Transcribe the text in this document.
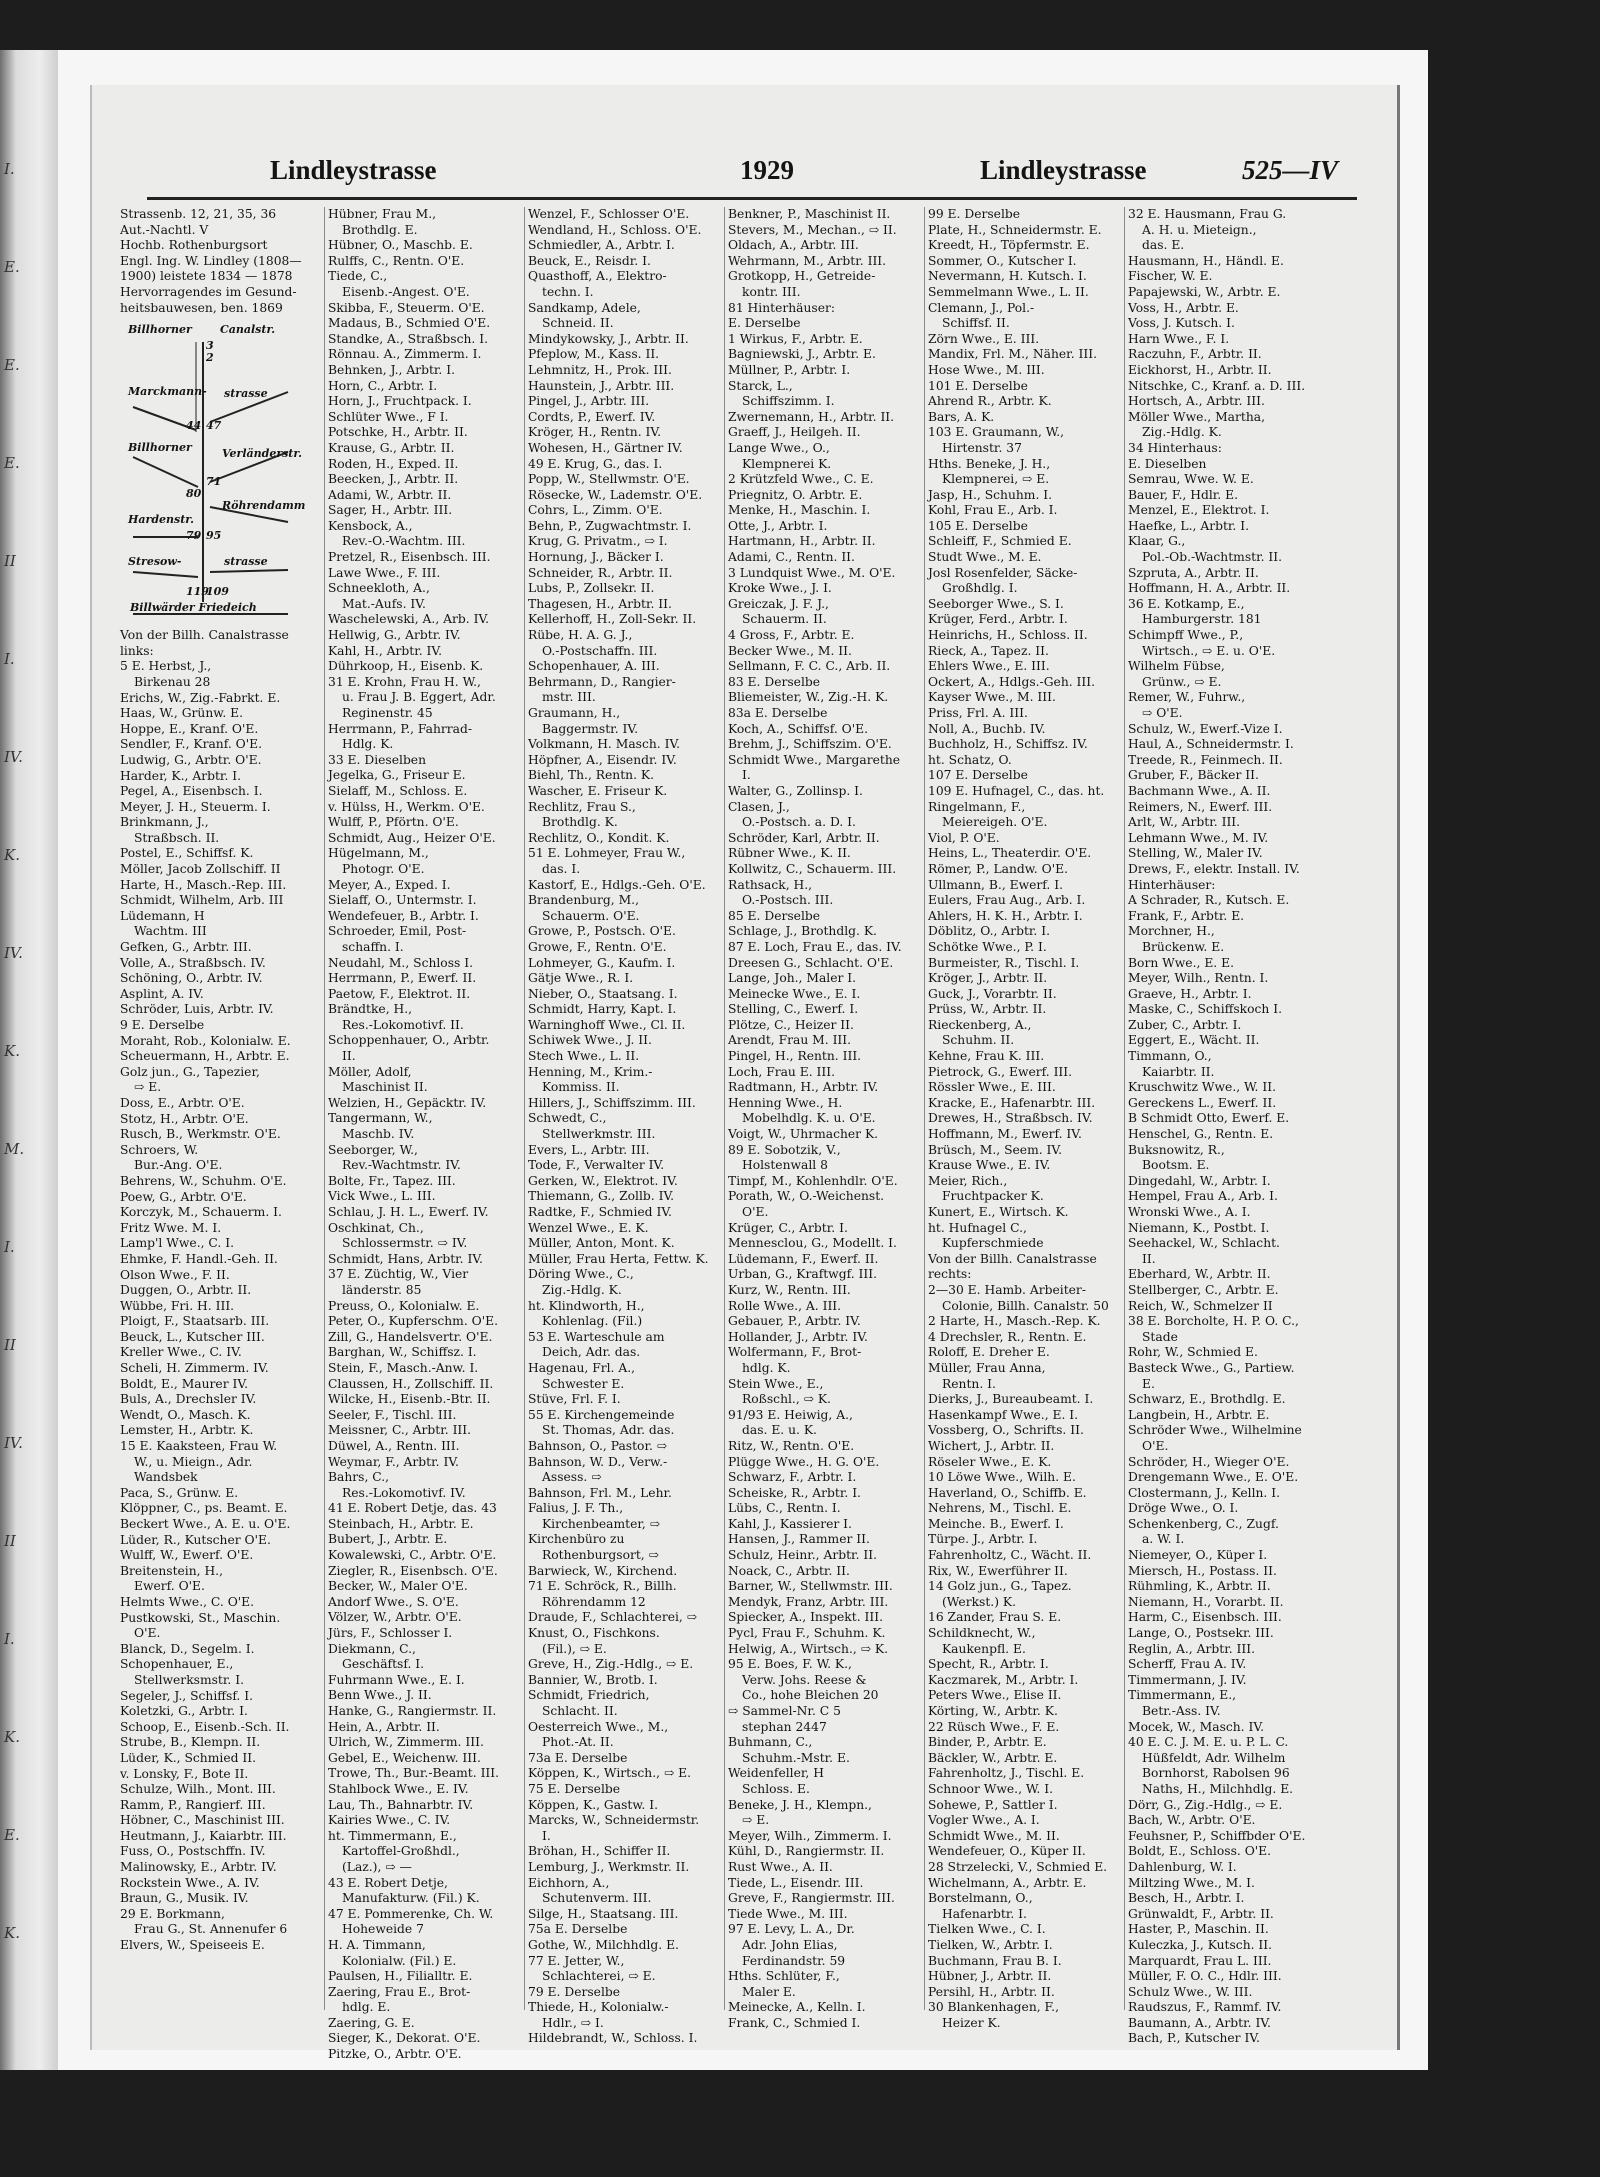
I.
E.
E.
E.
II
I.
IV.
K.
IV.
K.
M.
I.
II
IV.
II
I.
K.
E.
K.
Lindleystrasse	1929	Lindleystrasse	525—IV
Strassenb. 12, 21, 35, 36
Aut.-Nachtl. V
Hochb. Rothenburgsort
Engl. Ing. W. Lindley (1808—
1900) leistete 1834 — 1878
Hervorragendes im Gesund-
heitsbauwesen, ben. 1869
Billhorner	Canalstr.
Marckmann- strasse
Billhorner
Hardenstr.
Stresow-	strasse
Verländerstr.
Röhrendamm
Billwärder Friedeich
2
3
47
44
80
71
79 95
119
109
Von der Billh. Canalstrasse
links:
5 E. Herbst, J.,
Birkenau 28
Erichs, W., Zig.-Fabrkt. E.
Haas, W., Grünw. E.
Hoppe, E., Kranf. O'E.
Sendler, F., Kranf. O'E.
Ludwig, G., Arbtr. O'E.
Harder, K., Arbtr. I.
Pegel, A., Eisenbsch. I.
Meyer, J. H., Steuerm. I.
Brinkmann, J.,
Straßbsch. II.
Postel, E., Schiffsf. K.
Möller, Jacob Zollschiff. II
Harte, H., Masch.-Rep. III.
Schmidt, Wilhelm, Arb. III
Lüdemann, H
Wachtm. III
Gefken, G., Arbtr. III.
Volle, A., Straßbsch. IV.
Schöning, O., Arbtr. IV.
Asplint, A. IV.
Schröder, Luis, Arbtr. IV.
9 E. Derselbe
Moraht, Rob., Kolonialw. E.
Scheuermann, H., Arbtr. E.
Golz jun., G., Tapezier,
⇨ E.
Doss, E., Arbtr. O'E.
Stotz, H., Arbtr. O'E.
Rusch, B., Werkmstr. O'E.
Schroers, W.
Bur.-Ang. O'E.
Behrens, W., Schuhm. O'E.
Poew, G., Arbtr. O'E.
Korczyk, M., Schauerm. I.
Fritz Wwe. M. I.
Lamp'l Wwe., C. I.
Ehmke, F. Handl.-Geh. II.
Olson Wwe., F. II.
Duggen, O., Arbtr. II.
Wübbe, Fri. H. III.
Ploigt, F., Staatsarb. III.
Beuck, L., Kutscher III.
Kreller Wwe., C. IV.
Scheli, H. Zimmerm. IV.
Boldt, E., Maurer IV.
Buls, A., Drechsler IV.
Wendt, O., Masch. K.
Lemster, H., Arbtr. K.
15 E. Kaaksteen, Frau W.
W., u. Mieign., Adr.
Wandsbek
Paca, S., Grünw. E.
Klöppner, C., ps. Beamt. E.
Beckert Wwe., A. E. u. O'E.
Lüder, R., Kutscher O'E.
Wulff, W., Ewerf. O'E.
Breitenstein, H.,
Ewerf. O'E.
Helmts Wwe., C. O'E.
Pustkowski, St., Maschin.
O'E.
Blanck, D., Segelm. I.
Schopenhauer, E.,
Stellwerksmstr. I.
Segeler, J., Schiffsf. I.
Koletzki, G., Arbtr. I.
Schoop, E., Eisenb.-Sch. II.
Strube, B., Klempn. II.
Lüder, K., Schmied II.
v. Lonsky, F., Bote II.
Schulze, Wilh., Mont. III.
Ramm, P., Rangierf. III.
Höbner, C., Maschinist III.
Heutmann, J., Kaiarbtr. III.
Fuss, O., Postschffn. IV.
Malinowsky, E., Arbtr. IV.
Rockstein Wwe., A. IV.
Braun, G., Musik. IV.
29 E. Borkmann,
Frau G., St. Annenufer 6
Elvers, W., Speiseeis E.
Hübner, Frau M.,
Brothdlg. E.
Hübner, O., Maschb. E.
Rulffs, C., Rentn. O'E.
Tiede, C.,
Eisenb.-Angest. O'E.
Skibba, F., Steuerm. O'E.
Madaus, B., Schmied O'E.
Standke, A., Straßbsch. I.
Rönnau. A., Zimmerm. I.
Behnken, J., Arbtr. I.
Horn, C., Arbtr. I.
Horn, J., Fruchtpack. I.
Schlüter Wwe., F I.
Potschke, H., Arbtr. II.
Krause, G., Arbtr. II.
Roden, H., Exped. II.
Beecken, J., Arbtr. II.
Adami, W., Arbtr. II.
Sager, H., Arbtr. III.
Kensbock, A.,
Rev.-O.-Wachtm. III.
Pretzel, R., Eisenbsch. III.
Lawe Wwe., F. III.
Schneekloth, A.,
Mat.-Aufs. IV.
Waschelewski, A., Arb. IV.
Hellwig, G., Arbtr. IV.
Kahl, H., Arbtr. IV.
Dührkoop, H., Eisenb. K.
31 E. Krohn, Frau H. W.,
u. Frau J. B. Eggert, Adr.
Reginenstr. 45
Herrmann, P., Fahrrad-
Hdlg. K.
33 E. Dieselben
Jegelka, G., Friseur E.
Sielaff, M., Schloss. E.
v. Hülss, H., Werkm. O'E.
Wulff, P., Pförtn. O'E.
Schmidt, Aug., Heizer O'E.
Hügelmann, M.,
Photogr. O'E.
Meyer, A., Exped. I.
Sielaff, O., Untermstr. I.
Wendefeuer, B., Arbtr. I.
Schroeder, Emil, Post-
schaffn. I.
Neudahl, M., Schloss I.
Herrmann, P., Ewerf. II.
Paetow, F., Elektrot. II.
Brändtke, H.,
Res.-Lokomotivf. II.
Schoppenhauer, O., Arbtr.
II.
Möller, Adolf,
Maschinist II.
Welzien, H., Gepäcktr. IV.
Tangermann, W.,
Maschb. IV.
Seeborger, W.,
Rev.-Wachtmstr. IV.
Bolte, Fr., Tapez. III.
Vick Wwe., L. III.
Schlau, J. H. L., Ewerf. IV.
Oschkinat, Ch.,
Schlossermstr. ⇨ IV.
Schmidt, Hans, Arbtr. IV.
37 E. Züchtig, W., Vier
länderstr. 85
Preuss, O., Kolonialw. E.
Peter, O., Kupferschm. O'E.
Zill, G., Handelsvertr. O'E.
Barghan, W., Schiffsz. I.
Stein, F., Masch.-Anw. I.
Claussen, H., Zollschiff. II.
Wilcke, H., Eisenb.-Btr. II.
Seeler, F., Tischl. III.
Meissner, C., Arbtr. III.
Düwel, A., Rentn. III.
Weymar, F., Arbtr. IV.
Bahrs, C.,
Res.-Lokomotivf. IV.
41 E. Robert Detje, das. 43
Steinbach, H., Arbtr. E.
Bubert, J., Arbtr. E.
Kowalewski, C., Arbtr. O'E.
Ziegler, R., Eisenbsch. O'E.
Becker, W., Maler O'E.
Andorf Wwe., S. O'E.
Völzer, W., Arbtr. O'E.
Jürs, F., Schlosser I.
Diekmann, C.,
Geschäftsf. I.
Fuhrmann Wwe., E. I.
Benn Wwe., J. II.
Hanke, G., Rangiermstr. II.
Hein, A., Arbtr. II.
Ulrich, W., Zimmerm. III.
Gebel, E., Weichenw. III.
Trowe, Th., Bur.-Beamt. III.
Stahlbock Wwe., E. IV.
Lau, Th., Bahnarbtr. IV.
Kairies Wwe., C. IV.
ht. Timmermann, E.,
Kartoffel-Großhdl.,
(Laz.), ⇨ —
43 E. Robert Detje,
Manufakturw. (Fil.) K.
47 E. Pommerenke, Ch. W.
Hoheweide 7
H. A. Timmann,
Kolonialw. (Fil.) E.
Paulsen, H., Filialltr. E.
Zaering, Frau E., Brot-
hdlg. E.
Zaering, G. E.
Sieger, K., Dekorat. O'E.
Pitzke, O., Arbtr. O'E.
Wenzel, F., Schlosser O'E.
Wendland, H., Schloss. O'E.
Schmiedler, A., Arbtr. I.
Beuck, E., Reisdr. I.
Quasthoff, A., Elektro-
techn. I.
Sandkamp, Adele,
Schneid. II.
Mindykowsky, J., Arbtr. II.
Pfeplow, M., Kass. II.
Lehmnitz, H., Prok. III.
Haunstein, J., Arbtr. III.
Pingel, J., Arbtr. III.
Cordts, P., Ewerf. IV.
Kröger, H., Rentn. IV.
Wohesen, H., Gärtner IV.
49 E. Krug, G., das. I.
Popp, W., Stellwmstr. O'E.
Rösecke, W., Lademstr. O'E.
Cohrs, L., Zimm. O'E.
Behn, P., Zugwachtmstr. I.
Krug, G. Privatm., ⇨ I.
Hornung, J., Bäcker I.
Schneider, R., Arbtr. II.
Lubs, P., Zollsekr. II.
Thagesen, H., Arbtr. II.
Kellerhoff, H., Zoll-Sekr. II.
Rübe, H. A. G. J.,
O.-Postschaffn. III.
Schopenhauer, A. III.
Behrmann, D., Rangier-
mstr. III.
Graumann, H.,
Baggermstr. IV.
Volkmann, H. Masch. IV.
Höpfner, A., Eisendr. IV.
Biehl, Th., Rentn. K.
Wascher, E. Friseur K.
Rechlitz, Frau S.,
Brothdlg. K.
Rechlitz, O., Kondit. K.
51 E. Lohmeyer, Frau W.,
das. I.
Kastorf, E., Hdlgs.-Geh. O'E.
Brandenburg, M.,
Schauerm. O'E.
Growe, P., Postsch. O'E.
Growe, F., Rentn. O'E.
Lohmeyer, G., Kaufm. I.
Gätje Wwe., R. I.
Nieber, O., Staatsang. I.
Schmidt, Harry, Kapt. I.
Warninghoff Wwe., Cl. II.
Schiwek Wwe., J. II.
Stech Wwe., L. II.
Henning, M., Krim.-
Kommiss. II.
Hillers, J., Schiffszimm. III.
Schwedt, C.,
Stellwerkmstr. III.
Evers, L., Arbtr. III.
Tode, F., Verwalter IV.
Gerken, W., Elektrot. IV.
Thiemann, G., Zollb. IV.
Radtke, F., Schmied IV.
Wenzel Wwe., E. K.
Müller, Anton, Mont. K.
Müller, Frau Herta, Fettw. K.
Döring Wwe., C.,
Zig.-Hdlg. K.
ht. Klindworth, H.,
Kohlenlag. (Fil.)
53 E. Warteschule am
Deich, Adr. das.
Hagenau, Frl. A.,
Schwester E.
Stüve, Frl. F. I.
55 E. Kirchengemeinde
St. Thomas, Adr. das.
Bahnson, O., Pastor. ⇨
Bahnson, W. D., Verw.-
Assess. ⇨
Bahnson, Frl. M., Lehr.
Falius, J. F. Th.,
Kirchenbeamter, ⇨
Kirchenbüro zu
Rothenburgsort, ⇨
Barwieck, W., Kirchend.
71 E. Schröck, R., Billh.
Röhrendamm 12
Draude, F., Schlachterei, ⇨
Knust, O., Fischkons.
(Fil.), ⇨ E.
Greve, H., Zig.-Hdlg., ⇨ E.
Bannier, W., Brotb. I.
Schmidt, Friedrich,
Schlacht. II.
Oesterreich Wwe., M.,
Phot.-At. II.
73a E. Derselbe
Köppen, K., Wirtsch., ⇨ E.
75 E. Derselbe
Köppen, K., Gastw. I.
Marcks, W., Schneidermstr.
I.
Bröhan, H., Schiffer II.
Lemburg, J., Werkmstr. II.
Eichhorn, A.,
Schutenverm. III.
Silge, H., Staatsang. III.
75a E. Derselbe
Gothe, W., Milchhdlg. E.
77 E. Jetter, W.,
Schlachterei, ⇨ E.
79 E. Derselbe
Thiede, H., Kolonialw.-
Hdlr., ⇨ I.
Hildebrandt, W., Schloss. I.
Benkner, P., Maschinist II.
Stevers, M., Mechan., ⇨ II.
Oldach, A., Arbtr. III.
Wehrmann, M., Arbtr. III.
Grotkopp, H., Getreide-
kontr. III.
81 Hinterhäuser:
E. Derselbe
1 Wirkus, F., Arbtr. E.
Bagniewski, J., Arbtr. E.
Müllner, P., Arbtr. I.
Starck, L.,
Schiffszimm. I.
Zwernemann, H., Arbtr. II.
Graeff, J., Heilgeh. II.
Lange Wwe., O.,
Klempnerei K.
2 Krützfeld Wwe., C. E.
Priegnitz, O. Arbtr. E.
Menke, H., Maschin. I.
Otte, J., Arbtr. I.
Hartmann, H., Arbtr. II.
Adami, C., Rentn. II.
3 Lundquist Wwe., M. O'E.
Kroke Wwe., J. I.
Greiczak, J. F. J.,
Schauerm. II.
4 Gross, F., Arbtr. E.
Becker Wwe., M. II.
Sellmann, F. C. C., Arb. II.
83 E. Derselbe
Bliemeister, W., Zig.-H. K.
83a E. Derselbe
Koch, A., Schiffsf. O'E.
Brehm, J., Schiffszim. O'E.
Schmidt Wwe., Margarethe
I.
Walter, G., Zollinsp. I.
Clasen, J.,
O.-Postsch. a. D. I.
Schröder, Karl, Arbtr. II.
Rübner Wwe., K. II.
Kollwitz, C., Schauerm. III.
Rathsack, H.,
O.-Postsch. III.
85 E. Derselbe
Schlage, J., Brothdlg. K.
87 E. Loch, Frau E., das. IV.
Dreesen G., Schlacht. O'E.
Lange, Joh., Maler I.
Meinecke Wwe., E. I.
Stelling, C., Ewerf. I.
Plötze, C., Heizer II.
Arendt, Frau M. III.
Pingel, H., Rentn. III.
Loch, Frau E. III.
Radtmann, H., Arbtr. IV.
Henning Wwe., H.
Mobelhdlg. K. u. O'E.
Voigt, W., Uhrmacher K.
89 E. Sobotzik, V.,
Holstenwall 8
Timpf, M., Kohlenhdlr. O'E.
Porath, W., O.-Weichenst.
O'E.
Krüger, C., Arbtr. I.
Mennesclou, G., Modellt. I.
Lüdemann, F., Ewerf. II.
Urban, G., Kraftwgf. III.
Kurz, W., Rentn. III.
Rolle Wwe., A. III.
Gebauer, P., Arbtr. IV.
Hollander, J., Arbtr. IV.
Wolfermann, F., Brot-
hdlg. K.
Stein Wwe., E.,
Roßschl., ⇨ K.
91/93 E. Heiwig, A.,
das. E. u. K.
Ritz, W., Rentn. O'E.
Plügge Wwe., H. G. O'E.
Schwarz, F., Arbtr. I.
Scheiske, R., Arbtr. I.
Lübs, C., Rentn. I.
Kahl, J., Kassierer I.
Hansen, J., Rammer II.
Schulz, Heinr., Arbtr. II.
Noack, C., Arbtr. II.
Barner, W., Stellwmstr. III.
Mendyk, Franz, Arbtr. III.
Spiecker, A., Inspekt. III.
Pycl, Frau F., Schuhm. K.
Helwig, A., Wirtsch., ⇨ K.
95 E. Boes, F. W. K.,
Verw. Johs. Reese &
Co., hohe Bleichen 20
⇨ Sammel-Nr. C 5
stephan 2447
Buhmann, C.,
Schuhm.-Mstr. E.
Weidenfeller, H
Schloss. E.
Beneke, J. H., Klempn.,
⇨ E.
Meyer, Wilh., Zimmerm. I.
Kühl, D., Rangiermstr. II.
Rust Wwe., A. II.
Tiede, L., Eisendr. III.
Greve, F., Rangiermstr. III.
Tiede Wwe., M. III.
97 E. Levy, L. A., Dr.
Adr. John Elias,
Ferdinandstr. 59
Hths. Schlüter, F.,
Maler E.
Meinecke, A., Kelln. I.
Frank, C., Schmied I.
99 E. Derselbe
Plate, H., Schneidermstr. E.
Kreedt, H., Töpfermstr. E.
Sommer, O., Kutscher I.
Nevermann, H. Kutsch. I.
Semmelmann Wwe., L. II.
Clemann, J., Pol.-
Schiffsf. II.
Zörn Wwe., E. III.
Mandix, Frl. M., Näher. III.
Hose Wwe., M. III.
101 E. Derselbe
Ahrend R., Arbtr. K.
Bars, A. K.
103 E. Graumann, W.,
Hirtenstr. 37
Hths. Beneke, J. H.,
Klempnerei, ⇨ E.
Jasp, H., Schuhm. I.
Kohl, Frau E., Arb. I.
105 E. Derselbe
Schleiff, F., Schmied E.
Studt Wwe., M. E.
Josl Rosenfelder, Säcke-
Großhdlg. I.
Seeborger Wwe., S. I.
Krüger, Ferd., Arbtr. I.
Heinrichs, H., Schloss. II.
Rieck, A., Tapez. II.
Ehlers Wwe., E. III.
Ockert, A., Hdlgs.-Geh. III.
Kayser Wwe., M. III.
Priss, Frl. A. III.
Noll, A., Buchb. IV.
Buchholz, H., Schiffsz. IV.
ht. Schatz, O.
107 E. Derselbe
109 E. Hufnagel, C., das. ht.
Ringelmann, F.,
Meiereigeh. O'E.
Viol, P. O'E.
Heins, L., Theaterdir. O'E.
Römer, P., Landw. O'E.
Ullmann, B., Ewerf. I.
Eulers, Frau Aug., Arb. I.
Ahlers, H. K. H., Arbtr. I.
Döblitz, O., Arbtr. I.
Schötke Wwe., P. I.
Burmeister, R., Tischl. I.
Kröger, J., Arbtr. II.
Guck, J., Vorarbtr. II.
Prüss, W., Arbtr. II.
Rieckenberg, A.,
Schuhm. II.
Kehne, Frau K. III.
Pietrock, G., Ewerf. III.
Rössler Wwe., E. III.
Kracke, E., Hafenarbtr. III.
Drewes, H., Straßbsch. IV.
Hoffmann, M., Ewerf. IV.
Brüsch, M., Seem. IV.
Krause Wwe., E. IV.
Meier, Rich.,
Fruchtpacker K.
Kunert, E., Wirtsch. K.
ht. Hufnagel C.,
Kupferschmiede
Von der Billh. Canalstrasse
rechts:
2—30 E. Hamb. Arbeiter-
Colonie, Billh. Canalstr. 50
2 Harte, H., Masch.-Rep. K.
4 Drechsler, R., Rentn. E.
Roloff, E. Dreher E.
Müller, Frau Anna,
Rentn. I.
Dierks, J., Bureaubeamt. I.
Hasenkampf Wwe., E. I.
Vossberg, O., Schrifts. II.
Wichert, J., Arbtr. II.
Röseler Wwe., E. K.
10 Löwe Wwe., Wilh. E.
Haverland, O., Schiffb. E.
Nehrens, M., Tischl. E.
Meinche. B., Ewerf. I.
Türpe. J., Arbtr. I.
Fahrenholtz, C., Wächt. II.
Rix, W., Ewerführer II.
14 Golz jun., G., Tapez.
(Werkst.) K.
16 Zander, Frau S. E.
Schildknecht, W.,
Kaukenpfl. E.
Specht, R., Arbtr. I.
Kaczmarek, M., Arbtr. I.
Peters Wwe., Elise II.
Körting, W., Arbtr. K.
22 Rüsch Wwe., F. E.
Binder, P., Arbtr. E.
Bäckler, W., Arbtr. E.
Fahrenholtz, J., Tischl. E.
Schnoor Wwe., W. I.
Sohewe, P., Sattler I.
Vogler Wwe., A. I.
Schmidt Wwe., M. II.
Wendefeuer, O., Küper II.
28 Strzelecki, V., Schmied E.
Wichelmann, A., Arbtr. E.
Borstelmann, O.,
Hafenarbtr. I.
Tielken Wwe., C. I.
Tielken, W., Arbtr. I.
Buchmann, Frau B. I.
Hübner, J., Arbtr. II.
Persihl, H., Arbtr. II.
30 Blankenhagen, F.,
Heizer K.
32 E. Hausmann, Frau G.
A. H. u. Mieteign.,
das. E.
Hausmann, H., Händl. E.
Fischer, W. E.
Papajewski, W., Arbtr. E.
Voss, H., Arbtr. E.
Voss, J. Kutsch. I.
Harn Wwe., F. I.
Raczuhn, F., Arbtr. II.
Eickhorst, H., Arbtr. II.
Nitschke, C., Kranf. a. D. III.
Hortsch, A., Arbtr. III.
Möller Wwe., Martha,
Zig.-Hdlg. K.
34 Hinterhaus:
E. Dieselben
Semrau, Wwe. W. E.
Bauer, F., Hdlr. E.
Menzel, E., Elektrot. I.
Haefke, L., Arbtr. I.
Klaar, G.,
Pol.-Ob.-Wachtmstr. II.
Szpruta, A., Arbtr. II.
Hoffmann, H. A., Arbtr. II.
36 E. Kotkamp, E.,
Hamburgerstr. 181
Schimpff Wwe., P.,
Wirtsch., ⇨ E. u. O'E.
Wilhelm Fübse,
Grünw., ⇨ E.
Remer, W., Fuhrw.,
⇨ O'E.
Schulz, W., Ewerf.-Vize I.
Haul, A., Schneidermstr. I.
Treede, R., Feinmech. II.
Gruber, F., Bäcker II.
Bachmann Wwe., A. II.
Reimers, N., Ewerf. III.
Arlt, W., Arbtr. III.
Lehmann Wwe., M. IV.
Stelling, W., Maler IV.
Drews, F., elektr. Install. IV.
Hinterhäuser:
A Schrader, R., Kutsch. E.
Frank, F., Arbtr. E.
Morchner, H.,
Brückenw. E.
Born Wwe., E. E.
Meyer, Wilh., Rentn. I.
Graeve, H., Arbtr. I.
Maske, C., Schiffskoch I.
Zuber, C., Arbtr. I.
Eggert, E., Wächt. II.
Timmann, O.,
Kaiarbtr. II.
Kruschwitz Wwe., W. II.
Gereckens L., Ewerf. II.
B Schmidt Otto, Ewerf. E.
Henschel, G., Rentn. E.
Buksnowitz, R.,
Bootsm. E.
Dingedahl, W., Arbtr. I.
Hempel, Frau A., Arb. I.
Wronski Wwe., A. I.
Niemann, K., Postbt. I.
Seehackel, W., Schlacht.
II.
Eberhard, W., Arbtr. II.
Stellberger, C., Arbtr. E.
Reich, W., Schmelzer II
38 E. Borcholte, H. P. O. C.,
Stade
Rohr, W., Schmied E.
Basteck Wwe., G., Partiew.
E.
Schwarz, E., Brothdlg. E.
Langbein, H., Arbtr. E.
Schröder Wwe., Wilhelmine
O'E.
Schröder, H., Wieger O'E.
Drengemann Wwe., E. O'E.
Clostermann, J., Kelln. I.
Dröge Wwe., O. I.
Schenkenberg, C., Zugf.
a. W. I.
Niemeyer, O., Küper I.
Miersch, H., Postass. II.
Rühmling, K., Arbtr. II.
Niemann, H., Vorarbt. II.
Harm, C., Eisenbsch. III.
Lange, O., Postsekr. III.
Reglin, A., Arbtr. III.
Scherff, Frau A. IV.
Timmermann, J. IV.
Timmermann, E.,
Betr.-Ass. IV.
Mocek, W., Masch. IV.
40 E. C. J. M. E. u. P. L. C.
Hüßfeldt, Adr. Wilhelm
Bornhorst, Rabolsen 96
Naths, H., Milchhdlg. E.
Dörr, G., Zig.-Hdlg., ⇨ E.
Bach, W., Arbtr. O'E.
Feuhsner, P., Schiffbder O'E.
Boldt, E., Schloss. O'E.
Dahlenburg, W. I.
Miltzing Wwe., M. I.
Besch, H., Arbtr. I.
Grünwaldt, F., Arbtr. II.
Haster, P., Maschin. II.
Kuleczka, J., Kutsch. II.
Marquardt, Frau L. III.
Müller, F. O. C., Hdlr. III.
Schulz Wwe., W. III.
Raudszus, F., Rammf. IV.
Baumann, A., Arbtr. IV.
Bach, P., Kutscher IV.
